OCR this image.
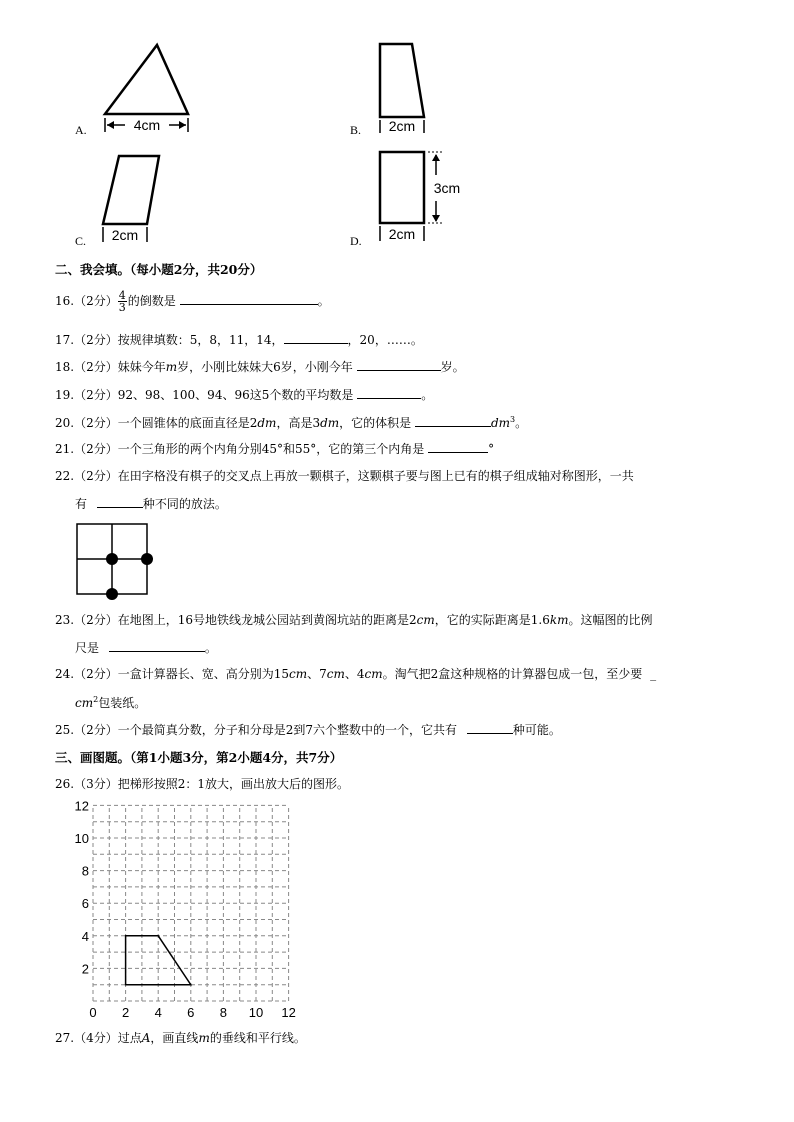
4cm
A.	2cm
B.
2cm
C.	2cm
3cm
D.
二、我会填。（每小题2分，共20分）
16.（2分） $\frac{4}{3}$ 的倒数是	。
17.（2分）按规律填数：5，8，11，14，	，20，……。
18.（2分）妹妹今年m岁，小刚比妹妹大6岁，小刚今年	岁。
19.（2分）92、98、100、94、96这5个数的平均数是	。
20.（2分）一个圆锥体的底面直径是2dm，高是3dm，它的体积是	$dm^3$。
21.（2分）一个三角形的两个内角分别45°和55°，它的第三个内角是	°
22.（2分）在田字格没有棋子的交叉点上再放一颗棋子，这颗棋子要与图上已有的棋子组成轴对称图形，一共
有	种不同的放法。
23.（2分）在地图上，16号地铁线龙城公园站到黄阁坑站的距离是2cm，它的实际距离是1.6km。这幅图的比例
尺是	。
24.（2分）一盒计算器长、宽、高分别为15cm、7cm、4cm。淘气把2盒这种规格的计算器包成一包，至少要 _
$cm^2$包装纸。
25.（2分）一个最简真分数，分子和分母是2到7六个整数中的一个，它共有	种可能。
三、画图题。（第1小题3分，第2小题4分，共7分）
26.（3分）把梯形按照2：1放大，画出放大后的图形。
0 2 4 6 8 10 12
2
4
6
8
10
12
27.（4分）过点A，画直线m的垂线和平行线。
